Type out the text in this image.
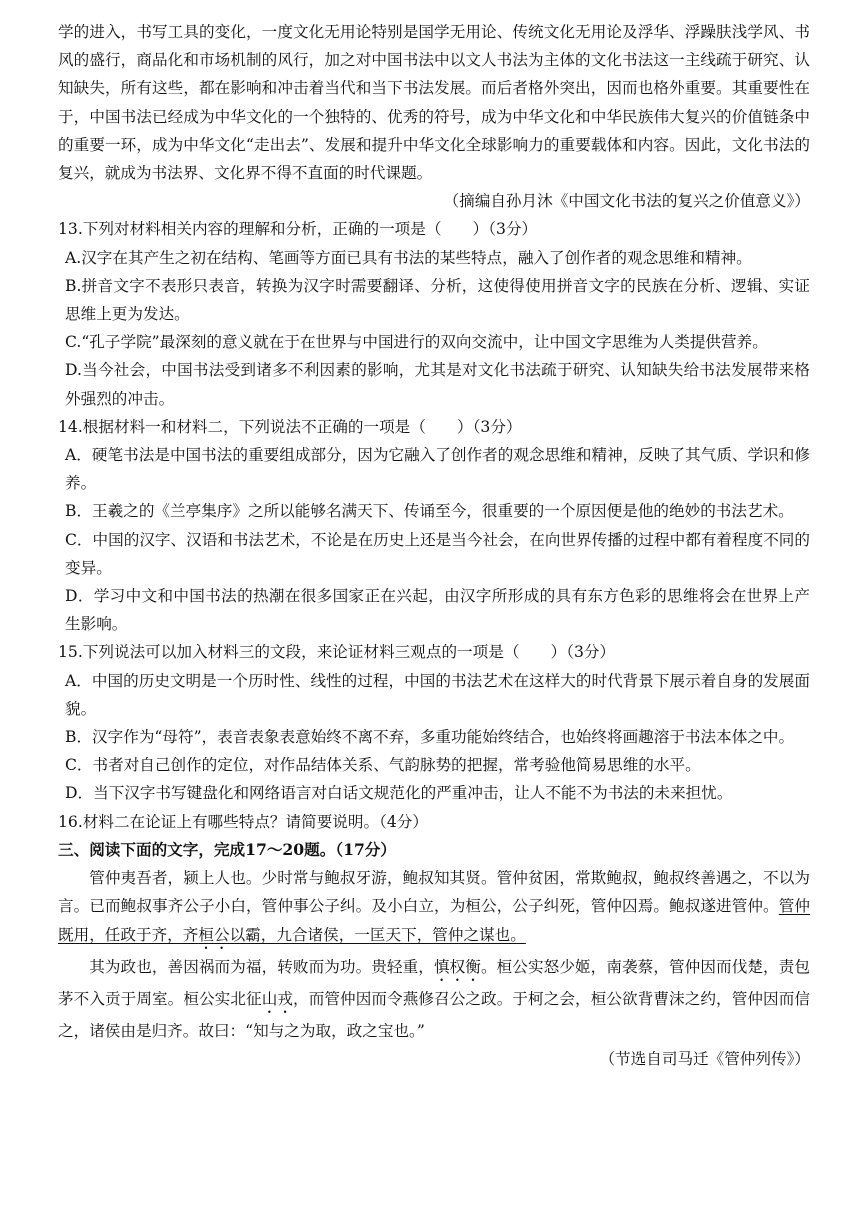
学的进入，书写工具的变化，一度文化无用论特别是国学无用论、传统文化无用论及浮华、浮躁肤浅学风、书风的盛行，商品化和市场机制的风行，加之对中国书法中以文人书法为主体的文化书法这一主线疏于研究、认知缺失，所有这些，都在影响和冲击着当代和当下书法发展。而后者格外突出，因而也格外重要。其重要性在于，中国书法已经成为中华文化的一个独特的、优秀的符号，成为中华文化和中华民族伟大复兴的价值链条中的重要一环，成为中华文化“走出去”、发展和提升中华文化全球影响力的重要载体和内容。因此，文化书法的复兴，就成为书法界、文化界不得不直面的时代课题。

（摘编自孙月沐《中国文化书法的复兴之价值意义》）

13.下列对材料相关内容的理解和分析，正确的一项是（　　）（3分）

A.汉字在其产生之初在结构、笔画等方面已具有书法的某些特点，融入了创作者的观念思维和精神。

B.拼音文字不表形只表音，转换为汉字时需要翻译、分析，这使得使用拼音文字的民族在分析、逻辑、实证思维上更为发达。

C.“孔子学院”最深刻的意义就在于在世界与中国进行的双向交流中，让中国文字思维为人类提供营养。

D.当今社会，中国书法受到诸多不利因素的影响，尤其是对文化书法疏于研究、认知缺失给书法发展带来格外强烈的冲击。

14.根据材料一和材料二，下列说法不正确的一项是（　　）（3分）

A．硬笔书法是中国书法的重要组成部分，因为它融入了创作者的观念思维和精神，反映了其气质、学识和修养。

B．王羲之的《兰亭集序》之所以能够名满天下、传诵至今，很重要的一个原因便是他的绝妙的书法艺术。

C．中国的汉字、汉语和书法艺术，不论是在历史上还是当今社会，在向世界传播的过程中都有着程度不同的变异。

D．学习中文和中国书法的热潮在很多国家正在兴起，由汉字所形成的具有东方色彩的思维将会在世界上产生影响。

15.下列说法可以加入材料三的文段，来论证材料三观点的一项是（　　）（3分）

A．中国的历史文明是一个历时性、线性的过程，中国的书法艺术在这样大的时代背景下展示着自身的发展面貌。

B．汉字作为“母符”，表音表象表意始终不离不弃，多重功能始终结合，也始终将画趣溶于书法本体之中。

C．书者对自己创作的定位，对作品结体关系、气韵脉势的把握，常考验他简易思维的水平。

D．当下汉字书写键盘化和网络语言对白话文规范化的严重冲击，让人不能不为书法的未来担忧。

16.材料二在论证上有哪些特点？请简要说明。（4分）

三、阅读下面的文字，完成17～20题。（17分）

管仲夷吾者，颍上人也。少时常与鲍叔牙游，鲍叔知其贤。管仲贫困，常欺鲍叔，鲍叔终善遇之，不以为言。已而鲍叔事齐公子小白，管仲事公子纠。及小白立，为桓公，公子纠死，管仲囚焉。鲍叔遂进管仲。管仲既用，任政于齐，齐桓公以霸，九合诸侯，一匡天下，管仲之谋也。

其为政也，善因祸而为福，转败而为功。贵轻重，慎权衡。桓公实怒少姬，南袭蔡，管仲因而伐楚，责包茅不入贡于周室。桓公实北征山戎，而管仲因而令燕修召公之政。于柯之会，桓公欲背曹沫之约，管仲因而信之，诸侯由是归齐。故曰：“知与之为取，政之宝也。”

（节选自司马迁《管仲列传》）
